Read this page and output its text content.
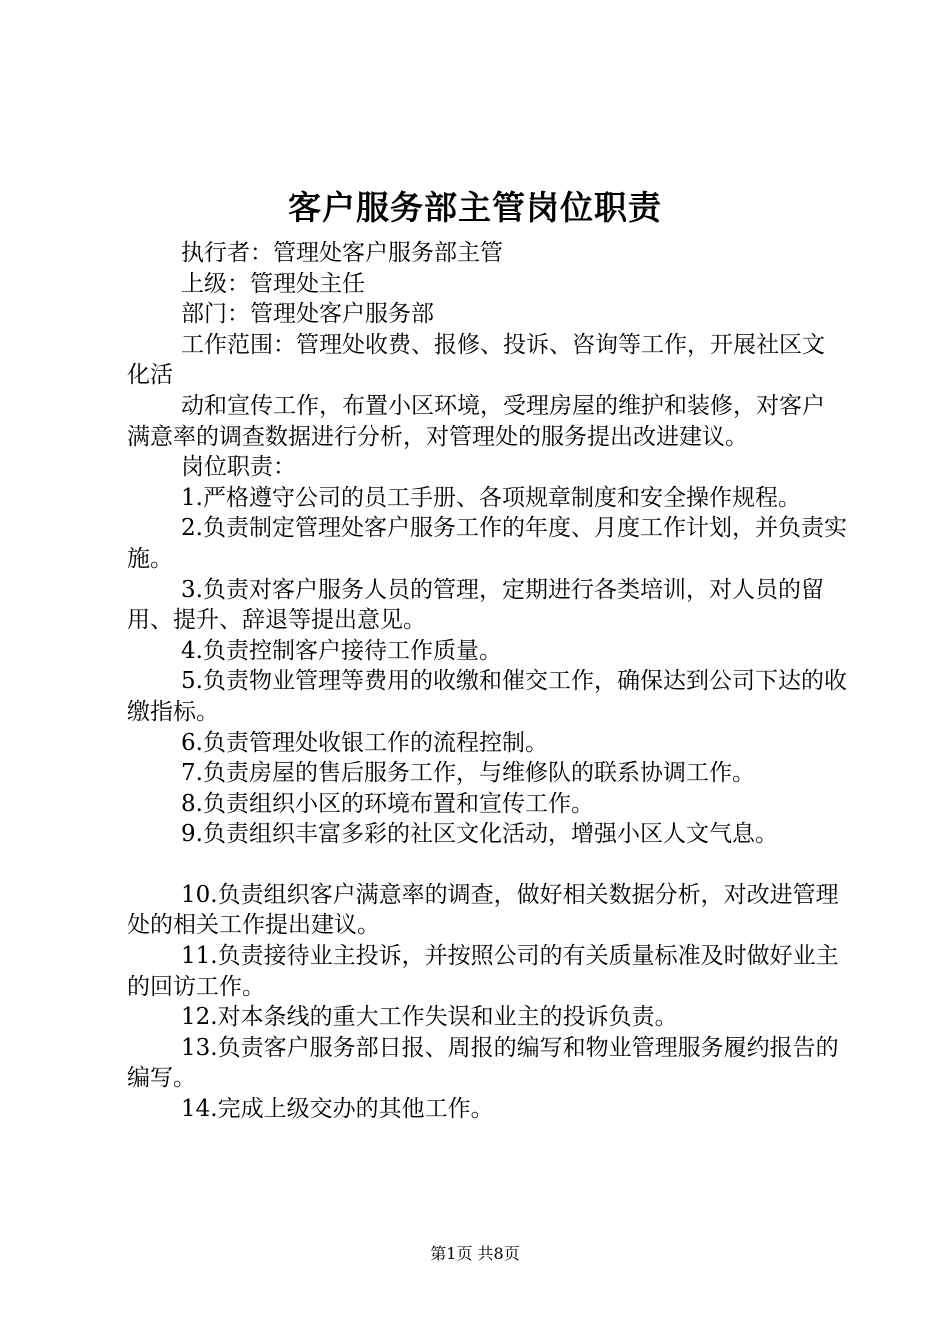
客户服务部主管岗位职责

执行者：管理处客户服务部主管

上级：管理处主任

部门：管理处客户服务部

工作范围：管理处收费、报修、投诉、咨询等工作，开展社区文化活

动和宣传工作，布置小区环境，受理房屋的维护和装修，对客户满意率的调查数据进行分析，对管理处的服务提出改进建议。

岗位职责：

1.严格遵守公司的员工手册、各项规章制度和安全操作规程。

2.负责制定管理处客户服务工作的年度、月度工作计划，并负责实施。

3.负责对客户服务人员的管理，定期进行各类培训，对人员的留用、提升、辞退等提出意见。

4.负责控制客户接待工作质量。

5.负责物业管理等费用的收缴和催交工作，确保达到公司下达的收缴指标。

6.负责管理处收银工作的流程控制。

7.负责房屋的售后服务工作，与维修队的联系协调工作。

8.负责组织小区的环境布置和宣传工作。

9.负责组织丰富多彩的社区文化活动，增强小区人文气息。

10.负责组织客户满意率的调查，做好相关数据分析，对改进管理处的相关工作提出建议。

11.负责接待业主投诉，并按照公司的有关质量标准及时做好业主的回访工作。

12.对本条线的重大工作失误和业主的投诉负责。

13.负责客户服务部日报、周报的编写和物业管理服务履约报告的编写。

14.完成上级交办的其他工作。

第1页 共8页
